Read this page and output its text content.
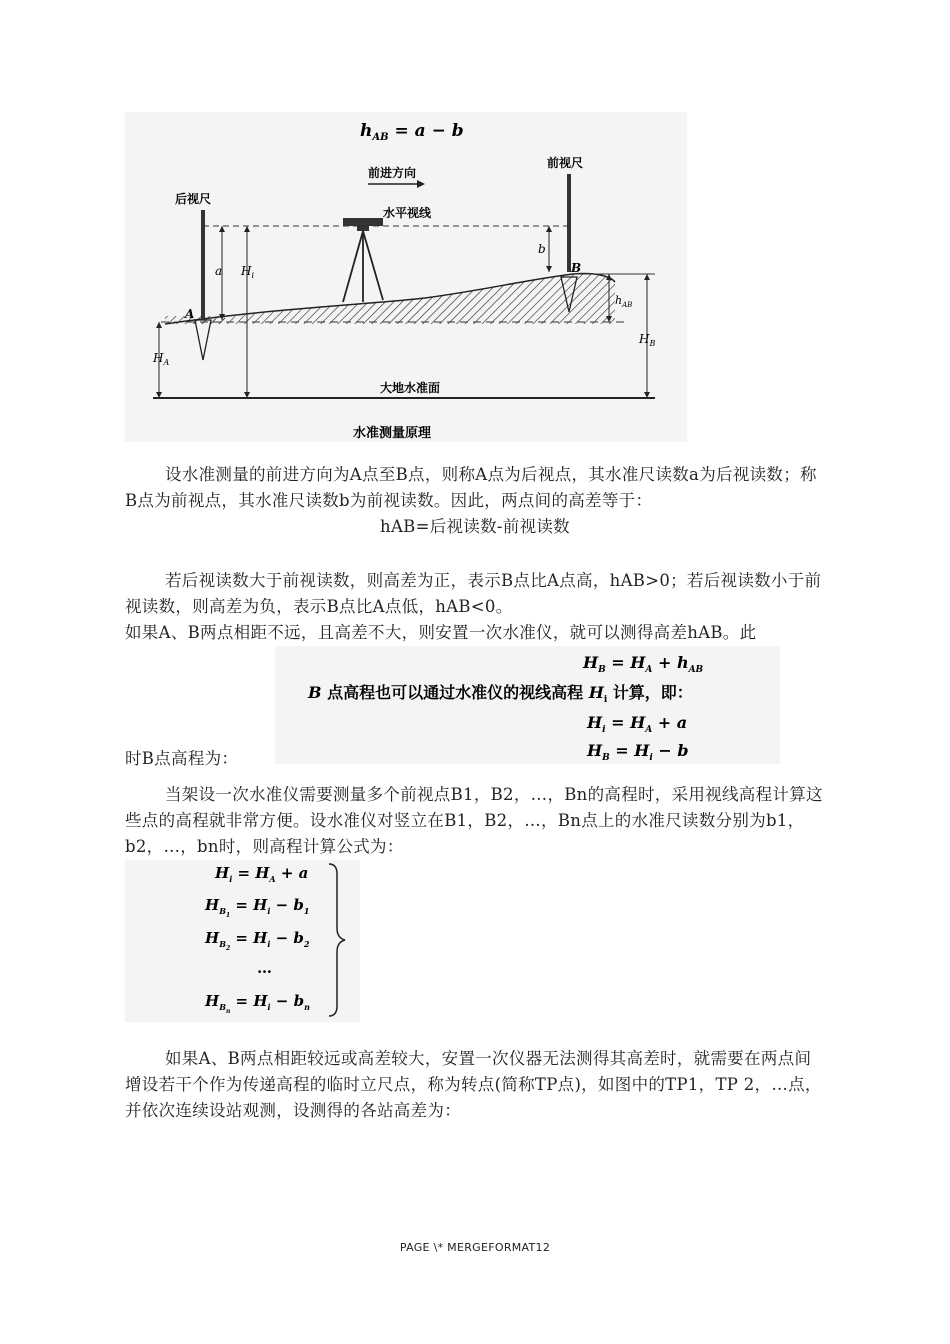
$h_{AB} = a - b$
前进方向
后视尺
前视尺
水平视线
A
B
a $H_i$
b
$h_{AB}$
$H_B$
$H_A$
大地水准面
水准测量原理
设水准测量的前进方向为A点至B点，则称A点为后视点，其水准尺读数a为后视读数；称B点为前视点，其水准尺读数b为前视读数。因此，两点间的高差等于：
hAB=后视读数-前视读数
若后视读数大于前视读数，则高差为正，表示B点比A点高，hAB>0；若后视读数小于前视读数，则高差为负，表示B点比A点低，hAB<0。
如果A、B两点相距不远，且高差不大，则安置一次水准仪，就可以测得高差hAB。此
$H_B = H_A + h_{AB}$
B 点高程也可以通过水准仪的视线高程 $H_i$ 计算，即：
$H_i = H_A + a$
$H_B = H_i - b$
时B点高程为：
当架设一次水准仪需要测量多个前视点B1，B2，…，Bn的高程时，采用视线高程计算这些点的高程就非常方便。设水准仪对竖立在B1，B2，…，Bn点上的水准尺读数分别为b1，b2，…，bn时，则高程计算公式为：
$H_i = H_A + a$
$H_{B1} = H_i - b_1$
$H_{B2} = H_i - b_2$
…
$H_{Bn} = H_i - b_n$
如果A、B两点相距较远或高差较大，安置一次仪器无法测得其高差时，就需要在两点间增设若干个作为传递高程的临时立尺点，称为转点(简称TP点)，如图中的TP1，TP 2，…点，并依次连续设站观测，设测得的各站高差为：
PAGE \* MERGEFORMAT12
